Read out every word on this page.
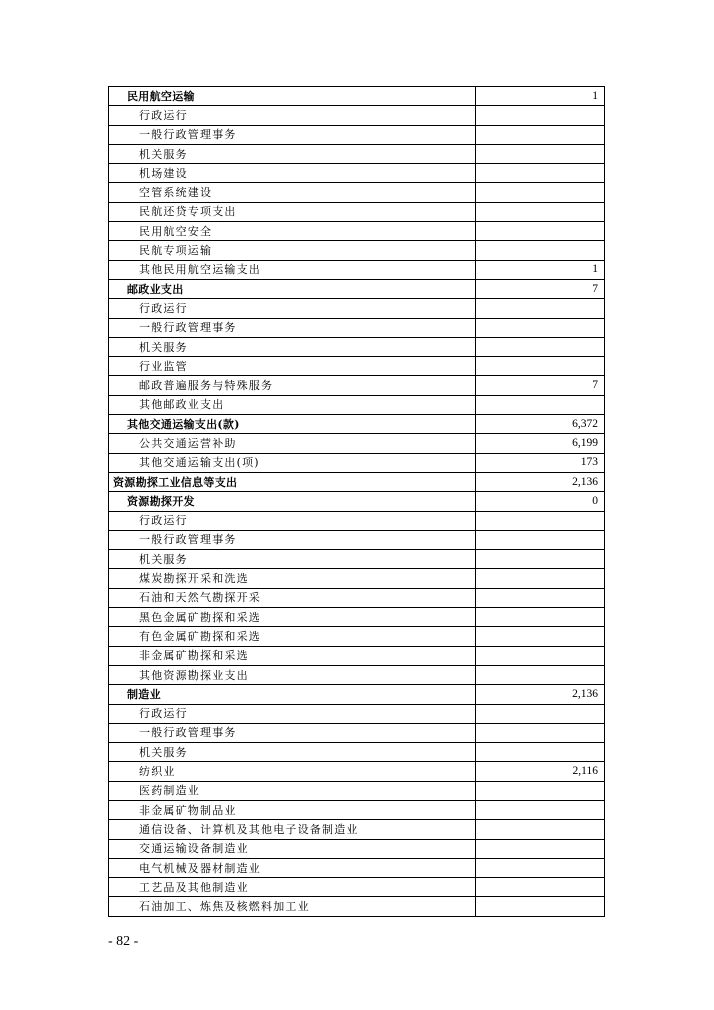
民用航空运输	1
行政运行	
一般行政管理事务	
机关服务	
机场建设	
空管系统建设	
民航还贷专项支出	
民用航空安全	
民航专项运输	
其他民用航空运输支出	1
邮政业支出	7
行政运行	
一般行政管理事务	
机关服务	
行业监管	
邮政普遍服务与特殊服务	7
其他邮政业支出	
其他交通运输支出(款)	6,372
公共交通运营补助	6,199
其他交通运输支出(项)	173
资源勘探工业信息等支出	2,136
资源勘探开发	0
行政运行	
一般行政管理事务	
机关服务	
煤炭勘探开采和洗选	
石油和天然气勘探开采	
黑色金属矿勘探和采选	
有色金属矿勘探和采选	
非金属矿勘探和采选	
其他资源勘探业支出	
制造业	2,136
行政运行	
一般行政管理事务	
机关服务	
纺织业	2,116
医药制造业	
非金属矿物制品业	
通信设备、计算机及其他电子设备制造业	
交通运输设备制造业	
电气机械及器材制造业	
工艺品及其他制造业	
石油加工、炼焦及核燃料加工业	
- 82 -
